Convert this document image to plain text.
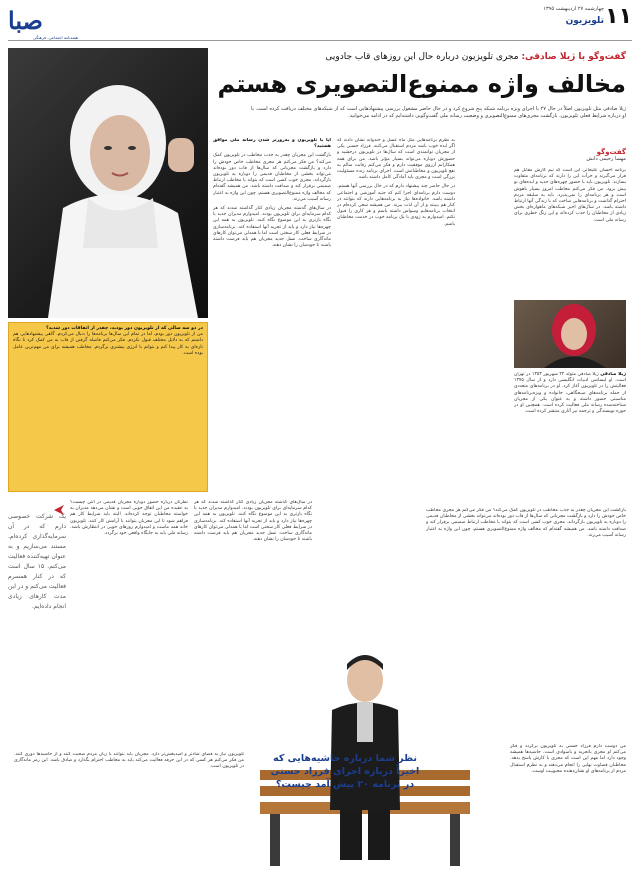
صبا
هفته‌نامه اجتماعی، فرهنگی
۱۱
چهارشنبه ۲۷ اردیبهشت ۱۳۹۵
تلویزیون
گفت‌وگو با ژیلا صادقی: مجری تلویزیون درباره حال این روزهای قاب جادویی
مخالف واژه ممنوع‌التصویری هستم
ژیلا صادقی مثل تلویزیون اصلاً در حال ۲۷ با اجرای ویژه برنامه شبکه پنج شروع کرد و در حال حاضر مشغول بررسی پیشنهادهایی است که از شبکه‌های مختلف دریافت کرده است. با او درباره شرایط فعلی تلویزیون، بازگشت مجری‌های ممنوع‌التصویری و وضعیت رسانه ملی گفت‌وگویی داشته‌ایم که در ادامه می‌خوانید.
گفت‌وگو
مهسا رحیمی دانش
برنامه احسان علیخانی این است که تیم کارش مقابل هم قرار می‌گیرند و جرأت این را دارند که برنامه‌ای متفاوت بسازند. تلویزیون باید با حضور چهره‌های جدید و ایده‌های نو پیش برود. من فکر می‌کنم مخاطب امروز بسیار باهوش است و هر برنامه‌ای را نمی‌پذیرد. باید به سلیقه مردم احترام گذاشت و برنامه‌هایی ساخت که با زندگی آنها ارتباط داشته باشد. در سال‌های اخیر شبکه‌های ماهواره‌ای بخش زیادی از مخاطبان را جذب کرده‌اند و این زنگ خطری برای رسانه ملی است.
ژیلا صادقی ژیلا صادقی متولد ۲۲ شهریور ۱۳۵۳ در تهران است. او لیسانس ادبیات انگلیسی دارد و از سال ۱۳۷۵ فعالیتش را در تلویزیون آغاز کرد. او در برنامه‌های متعددی از جمله برنامه‌های صبحگاهی، خانواده و ویژه‌برنامه‌های مناسبتی حضور داشته و به عنوان یکی از مجریان شناخته‌شده رسانه ملی فعالیت کرده است. همچنین او در حوزه نویسندگی و ترجمه نیز آثاری منتشر کرده است.

آیا با تلویزیون و به‌روزتر شدن رسانه ملی موافق هستید؟

بازگشت این مجریان چقدر به جذب مخاطب در تلویزیون کمک می‌کند؟ من فکر می‌کنم هر مجری مخاطب خاص خودش را دارد و بازگشت مجریانی که سال‌ها از قاب دور بوده‌اند می‌تواند بخشی از مخاطبان قدیمی را دوباره به تلویزیون بازگرداند. مجری خوب کسی است که بتواند با مخاطب ارتباط صمیمی برقرار کند و صداقت داشته باشد. من همیشه گفته‌ام که مخالف واژه ممنوع‌التصویری هستم، چون این واژه به اعتبار رسانه آسیب می‌زند.

در سال‌های گذشته مجریان زیادی کنار گذاشته شدند که هر کدام سرمایه‌ای برای تلویزیون بودند. امیدوارم مدیران جدید با نگاه بازتری به این موضوع نگاه کنند. تلویزیون به همه این چهره‌ها نیاز دارد و باید از تجربه آنها استفاده کند. برنامه‌سازی در شرایط فعلی کار سختی است اما با همدلی می‌توان کارهای ماندگاری ساخت. نسل جدید مجریان هم باید فرصت داشته باشند تا خودشان را نشان دهند.

به نظرم برنامه‌هایی مثل ماه عسل و خندوانه نشان دادند که اگر ایده خوب باشد مردم استقبال می‌کنند. فرزاد حسنی یکی از مجریان توانمندی است که سال‌ها در تلویزیون درخشید و حضورش دوباره می‌تواند بسیار مؤثر باشد. من برای همه همکارانم آرزوی موفقیت دارم و فکر می‌کنم رقابت سالم به نفع تلویزیون و مخاطبانش است. اجرای برنامه زنده مسئولیت بزرگی است و مجری باید آمادگی کامل داشته باشد.

در حال حاضر چند پیشنهاد دارم که در حال بررسی آنها هستم. دوست دارم برنامه‌ای اجرا کنم که جنبه آموزشی و اجتماعی داشته باشد. خانواده‌ها نیاز به برنامه‌هایی دارند که بتوانند در کنار هم ببینند و از آن لذت ببرند. من همیشه سعی کرده‌ام در انتخاب برنامه‌هایم وسواس داشته باشم و هر کاری را قبول نکنم. امیدوارم به زودی با یک برنامه خوب در خدمت مخاطبان باشم.

در دو سه سالی که از تلویزیون دور بودید، چقدر از اتفاقات دور شدید؟

من از تلویزیون دور بودم، اما در تمام این سال‌ها برنامه‌ها را دنبال می‌کردم. گاهی پیشنهادهایی هم داشتم که به دلایل مختلف قبول نکردم. فکر می‌کنم فاصله گرفتن از قاب به من کمک کرد تا نگاه تازه‌ای به کار پیدا کنم و بتوانم با انرژی بیشتری برگردم. مخاطب همیشه برای من مهم‌ترین عامل بوده است.

یک شرکت خصوصی دارم که در آن سرمایه‌گذاری کرده‌ام. مستند می‌سازیم و به عنوان تهیه‌کننده فعالیت می‌کنم. ۱۵ سال است که در کنار همسرم فعالیت می‌کنم و در این مدت کارهای زیادی انجام داده‌ایم.
نظرتان درباره حضور دوباره مجریان قدیمی در آنتن چیست؟ به عقیده من این اتفاق خوبی است و نشان می‌دهد مدیران به خواسته مخاطبان توجه کرده‌اند. البته باید شرایط کار هم فراهم شود تا این مجریان بتوانند با آرامش کار کنند. تلویزیون خانه همه ماست و امیدوارم روزهای خوبی در انتظارش باشد. رسانه ملی باید به جایگاه واقعی خود برگردد.
در سال‌های گذشته مجریان زیادی کنار گذاشته شدند که هر کدام سرمایه‌ای برای تلویزیون بودند. امیدوارم مدیران جدید با نگاه بازتری به این موضوع نگاه کنند. تلویزیون به همه این چهره‌ها نیاز دارد و باید از تجربه آنها استفاده کند. برنامه‌سازی در شرایط فعلی کار سختی است اما با همدلی می‌توان کارهای ماندگاری ساخت. نسل جدید مجریان هم باید فرصت داشته باشند تا خودشان را نشان دهند.
بازگشت این مجریان چقدر به جذب مخاطب در تلویزیون کمک می‌کند؟ من فکر می‌کنم هر مجری مخاطب خاص خودش را دارد و بازگشت مجریانی که سال‌ها از قاب دور بوده‌اند می‌تواند بخشی از مخاطبان قدیمی را دوباره به تلویزیون بازگرداند. مجری خوب کسی است که بتواند با مخاطب ارتباط صمیمی برقرار کند و صداقت داشته باشد. من همیشه گفته‌ام که مخالف واژه ممنوع‌التصویری هستم، چون این واژه به اعتبار رسانه آسیب می‌زند.
من دوست دارم فرزاد حسنی به تلویزیون برگردد و فکر می‌کنم او مجری باتجربه و باسوادی است. حاشیه‌ها همیشه وجود دارد اما مهم این است که مجری با کارش پاسخ بدهد. مخاطبان قضاوت نهایی را انجام می‌دهند و به نظرم استقبال مردم از برنامه‌های او نشان‌دهنده محبوبیت اوست.
تلویزیون نیاز به فضای شادتر و امیدبخش‌تر دارد. مجریان باید بتوانند با زبان مردم صحبت کنند و از حاشیه‌ها دوری کنند. من فکر می‌کنم هر کسی که در این حرفه فعالیت می‌کند باید به مخاطب احترام بگذارد و صادق باشد. این رمز ماندگاری در تلویزیون است.
نظر شما درباره حاشیه‌هایی که اخیراً درباره اجرای فرزاد حسنی در برنامه ۲۰ پیش آمد چیست؟
